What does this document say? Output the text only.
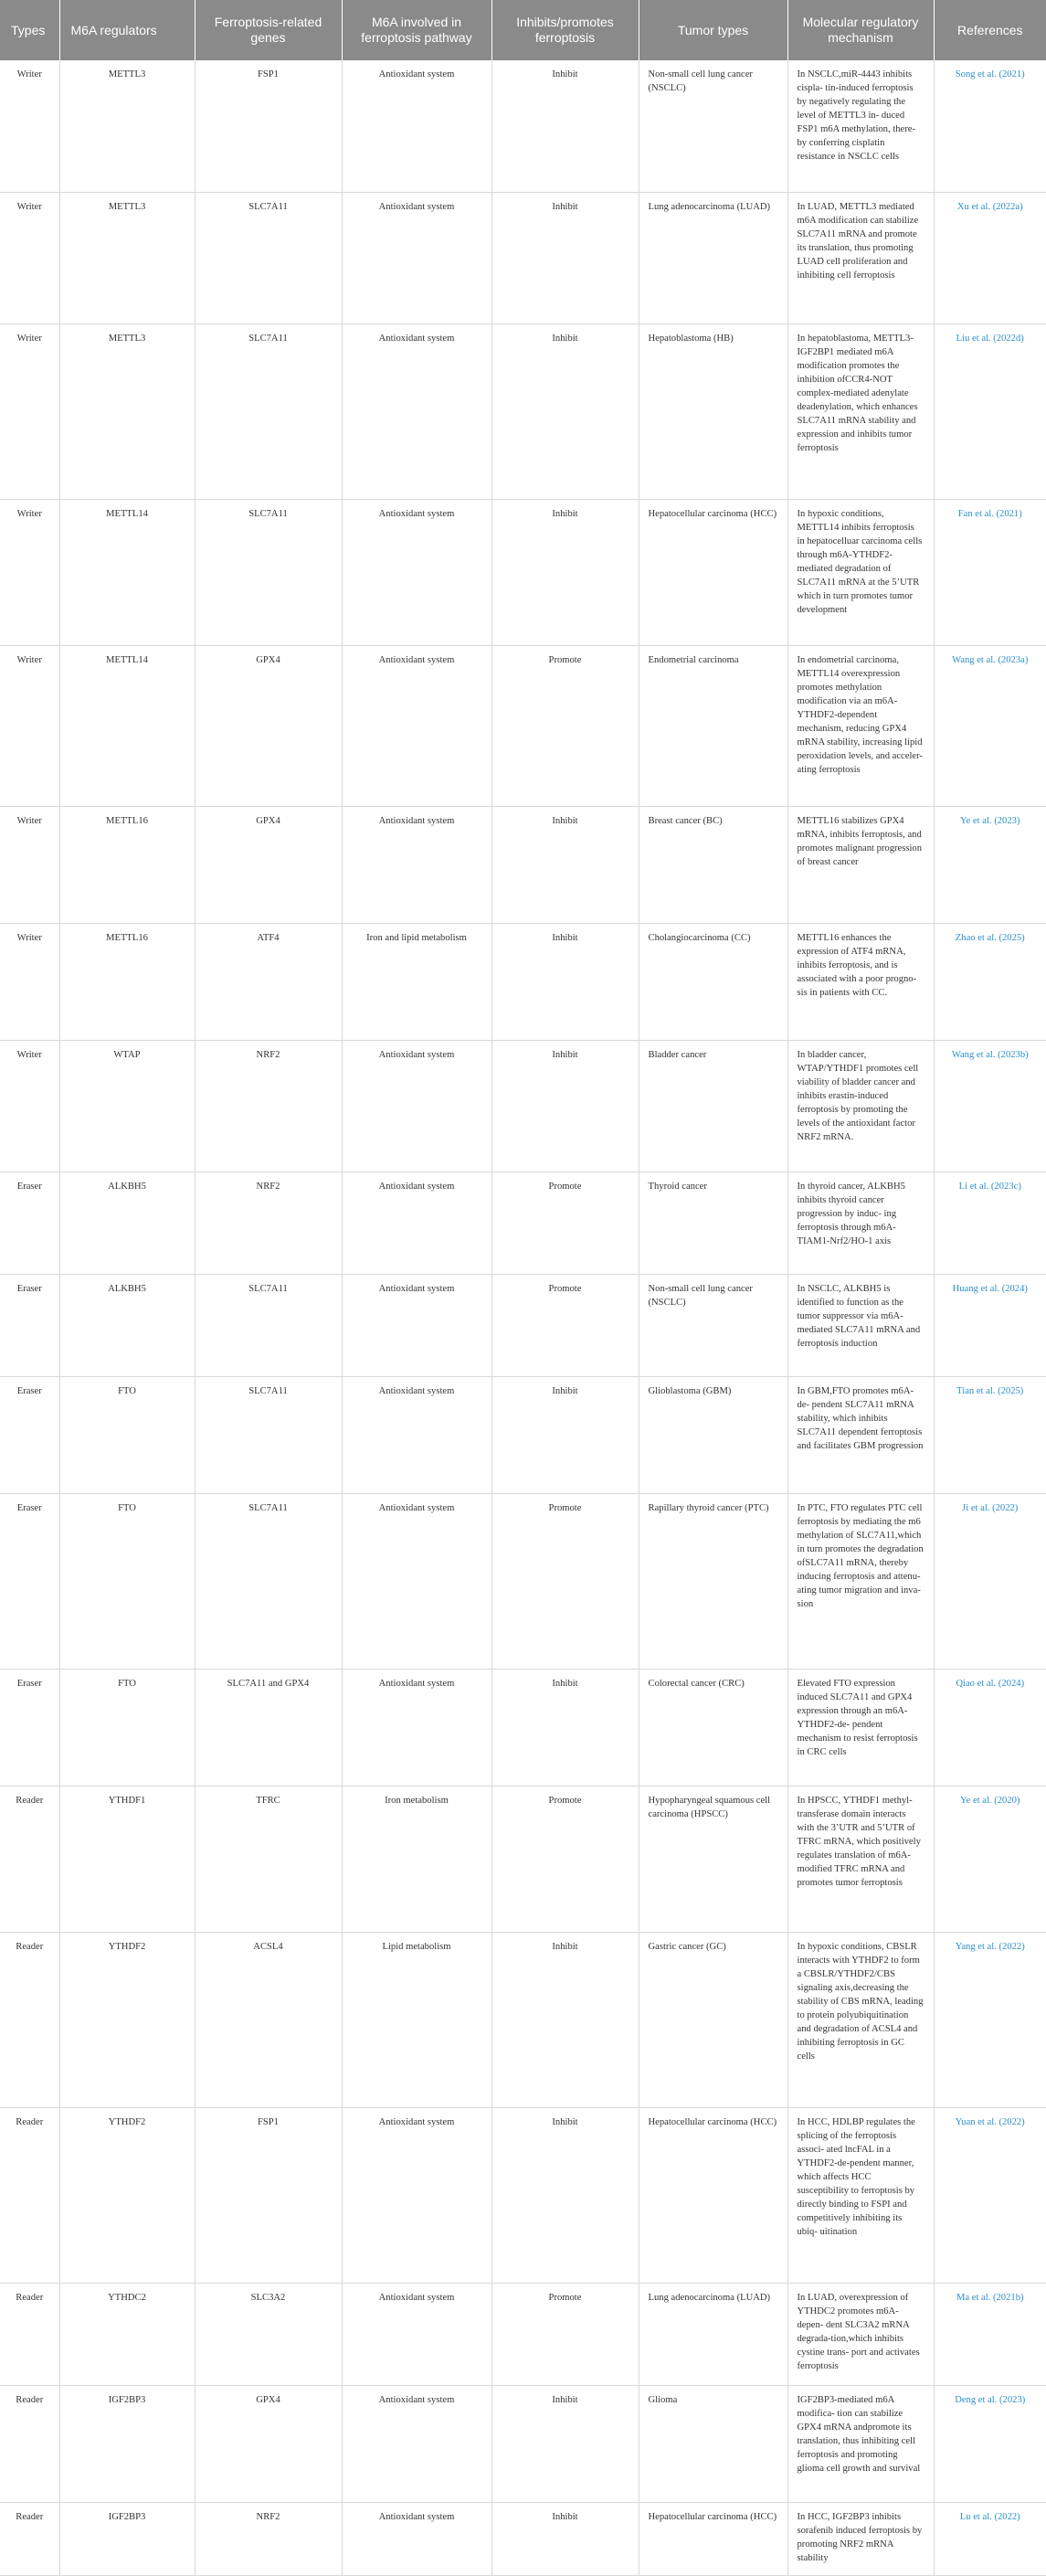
Types	M6A regulators	Ferroptosis-related genes	M6A involved in ferroptosis pathway	Inhibits/promotes ferroptosis	Tumor types	Molecular regulatory mechanism	References
Writer	METTL3	FSP1	Antioxidant system	Inhibit	Non-small cell lung cancer (NSCLC)	In NSCLC,miR-4443 inhibits cispla- tin-induced ferroptosis by negatively regulating the level of METTL3 in- duced FSP1 m6A methylation, there-by conferring cisplatin resistance in NSCLC cells	Song et al. (2021)
Writer	METTL3	SLC7A11	Antioxidant system	Inhibit	Lung adenocarcinoma (LUAD)	In LUAD, METTL3 mediated m6A modification can stabilize SLC7A11 mRNA and promote its translation, thus promoting LUAD cell proliferation and inhibiting cell ferroptosis	Xu et al. (2022a)
Writer	METTL3	SLC7A11	Antioxidant system	Inhibit	Hepatoblastoma (HB)	In hepatoblastoma, METTL3-IGF2BP1 mediated m6A modification promotes the inhibition ofCCR4-NOT complex-mediated adenylate deadenylation, which enhances SLC7A11 mRNA stability and expression and inhibits tumor ferroptosis	Liu et al. (2022d)
Writer	METTL14	SLC7A11	Antioxidant system	Inhibit	Hepatocellular carcinoma (HCC)	In hypoxic conditions, METTL14 inhibits ferroptosis in hepatocelluar carcinoma cells through m6A-YTHDF2-mediated degradation of SLC7A11 mRNA at the 5’UTR which in turn promotes tumor development	Fan et al. (2021)
Writer	METTL14	GPX4	Antioxidant system	Promote	Endometrial carcinoma	In endometrial carcinoma, METTL14 overexpression promotes methylation modification via an m6A-YTHDF2-dependent mechanism, reducing GPX4 mRNA stability, increasing lipid peroxidation levels, and acceler- ating ferroptosis	Wang et al. (2023a)
Writer	METTL16	GPX4	Antioxidant system	Inhibit	Breast cancer (BC)	METTL16 stabilizes GPX4 mRNA, inhibits ferroptosis, and promotes malignant progression of breast cancer	Ye et al. (2023)
Writer	METTL16	ATF4	Iron and lipid metabolism	Inhibit	Cholangiocarcinoma (CC)	METTL16 enhances the expression of ATF4 mRNA, inhibits ferroptosis, and is associated with a poor progno- sis in patients with CC.	Zhao et al. (2025)
Writer	WTAP	NRF2	Antioxidant system	Inhibit	Bladder cancer	In bladder cancer, WTAP/YTHDF1 promotes cell viability of bladder cancer and inhibits erastin-induced ferroptosis by promoting the levels of the antioxidant factor NRF2 mRNA.	Wang et al. (2023b)
Eraser	ALKBH5	NRF2	Antioxidant system	Promote	Thyroid cancer	In thyroid cancer, ALKBH5 inhibits thyroid cancer progression by induc- ing ferroptosis through m6A-TIAM1-Nrf2/HO-1 axis	Li et al. (2023c)
Eraser	ALKBH5	SLC7A11	Antioxidant system	Promote	Non-small cell lung cancer (NSCLC)	In NSCLC, ALKBH5 is identified to function as the tumor suppressor via m6A-mediated SLC7A11 mRNA and ferroptosis induction	Huang et al. (2024)
Eraser	FTO	SLC7A11	Antioxidant system	Inhibit	Glioblastoma (GBM)	In GBM,FTO promotes m6A-de- pendent SLC7A11 mRNA stability, which inhibits SLC7A11 dependent ferroptosis and facilitates GBM progression	Tian et al. (2025)
Eraser	FTO	SLC7A11	Antioxidant system	Promote	Rapillary thyroid cancer (PTC)	In PTC, FTO regulates PTC cell ferroptosis by mediating the m6 methylation of SLC7A11,which in turn promotes the degradation ofSLC7A11 mRNA, thereby inducing ferroptosis and attenu- ating tumor migration and inva- sion	Ji et al. (2022)
Eraser	FTO	SLC7A11 and GPX4	Antioxidant system	Inhibit	Colorectal cancer (CRC)	Elevated FTO expression induced SLC7A11 and GPX4 expression through an m6A-YTHDF2-de- pendent mechanism to resist ferroptosis in CRC cells	Qiao et al. (2024)
Reader	YTHDF1	TFRC	Iron metabolism	Promote	Hypopharyngeal squamous cell carcinoma (HPSCC)	In HPSCC, YTHDF1 methyl- transferase domain interacts with the 3’UTR and 5’UTR of TFRC mRNA, which positively regulates translation of m6A-modified TFRC mRNA and promotes tumor ferroptosis	Ye et al. (2020)
Reader	YTHDF2	ACSL4	Lipid metabolism	Inhibit	Gastric cancer (GC)	In hypoxic conditions, CBSLR interacts with YTHDF2 to form a CBSLR/YTHDF2/CBS signaling axis,decreasing the stability of CBS mRNA, leading to protein polyubiquitination and degradation of ACSL4 and inhibiting ferroptosis in GC cells	Yang et al. (2022)
Reader	YTHDF2	FSP1	Antioxidant system	Inhibit	Hepatocellular carcinoma (HCC)	In HCC, HDLBP regulates the splicing of the ferroptosis associ- ated lncFAL in a YTHDF2-de-pendent manner, which affects HCC susceptibility to ferroptosis by directly binding to FSPI and competitively inhibiting its ubiq- uitination	Yuan et al. (2022)
Reader	YTHDC2	SLC3A2	Antioxidant system	Promote	Lung adenocarcinoma (LUAD)	In LUAD, overexpression of YTHDC2 promotes m6A-depen- dent SLC3A2 mRNA degrada-tion,which inhibits cystine trans- port and activates ferroptosis	Ma et al. (2021b)
Reader	IGF2BP3	GPX4	Antioxidant system	Inhibit	Glioma	IGF2BP3-mediated m6A modifica- tion can stabilize GPX4 mRNA andpromote its translation, thus inhibiting cell ferroptosis and promoting glioma cell growth and survival	Deng et al. (2023)
Reader	IGF2BP3	NRF2	Antioxidant system	Inhibit	Hepatocellular carcinoma (HCC)	In HCC, IGF2BP3 inhibits sorafenib induced ferroptosis by promoting NRF2 mRNA stability	Lu et al. (2022)
